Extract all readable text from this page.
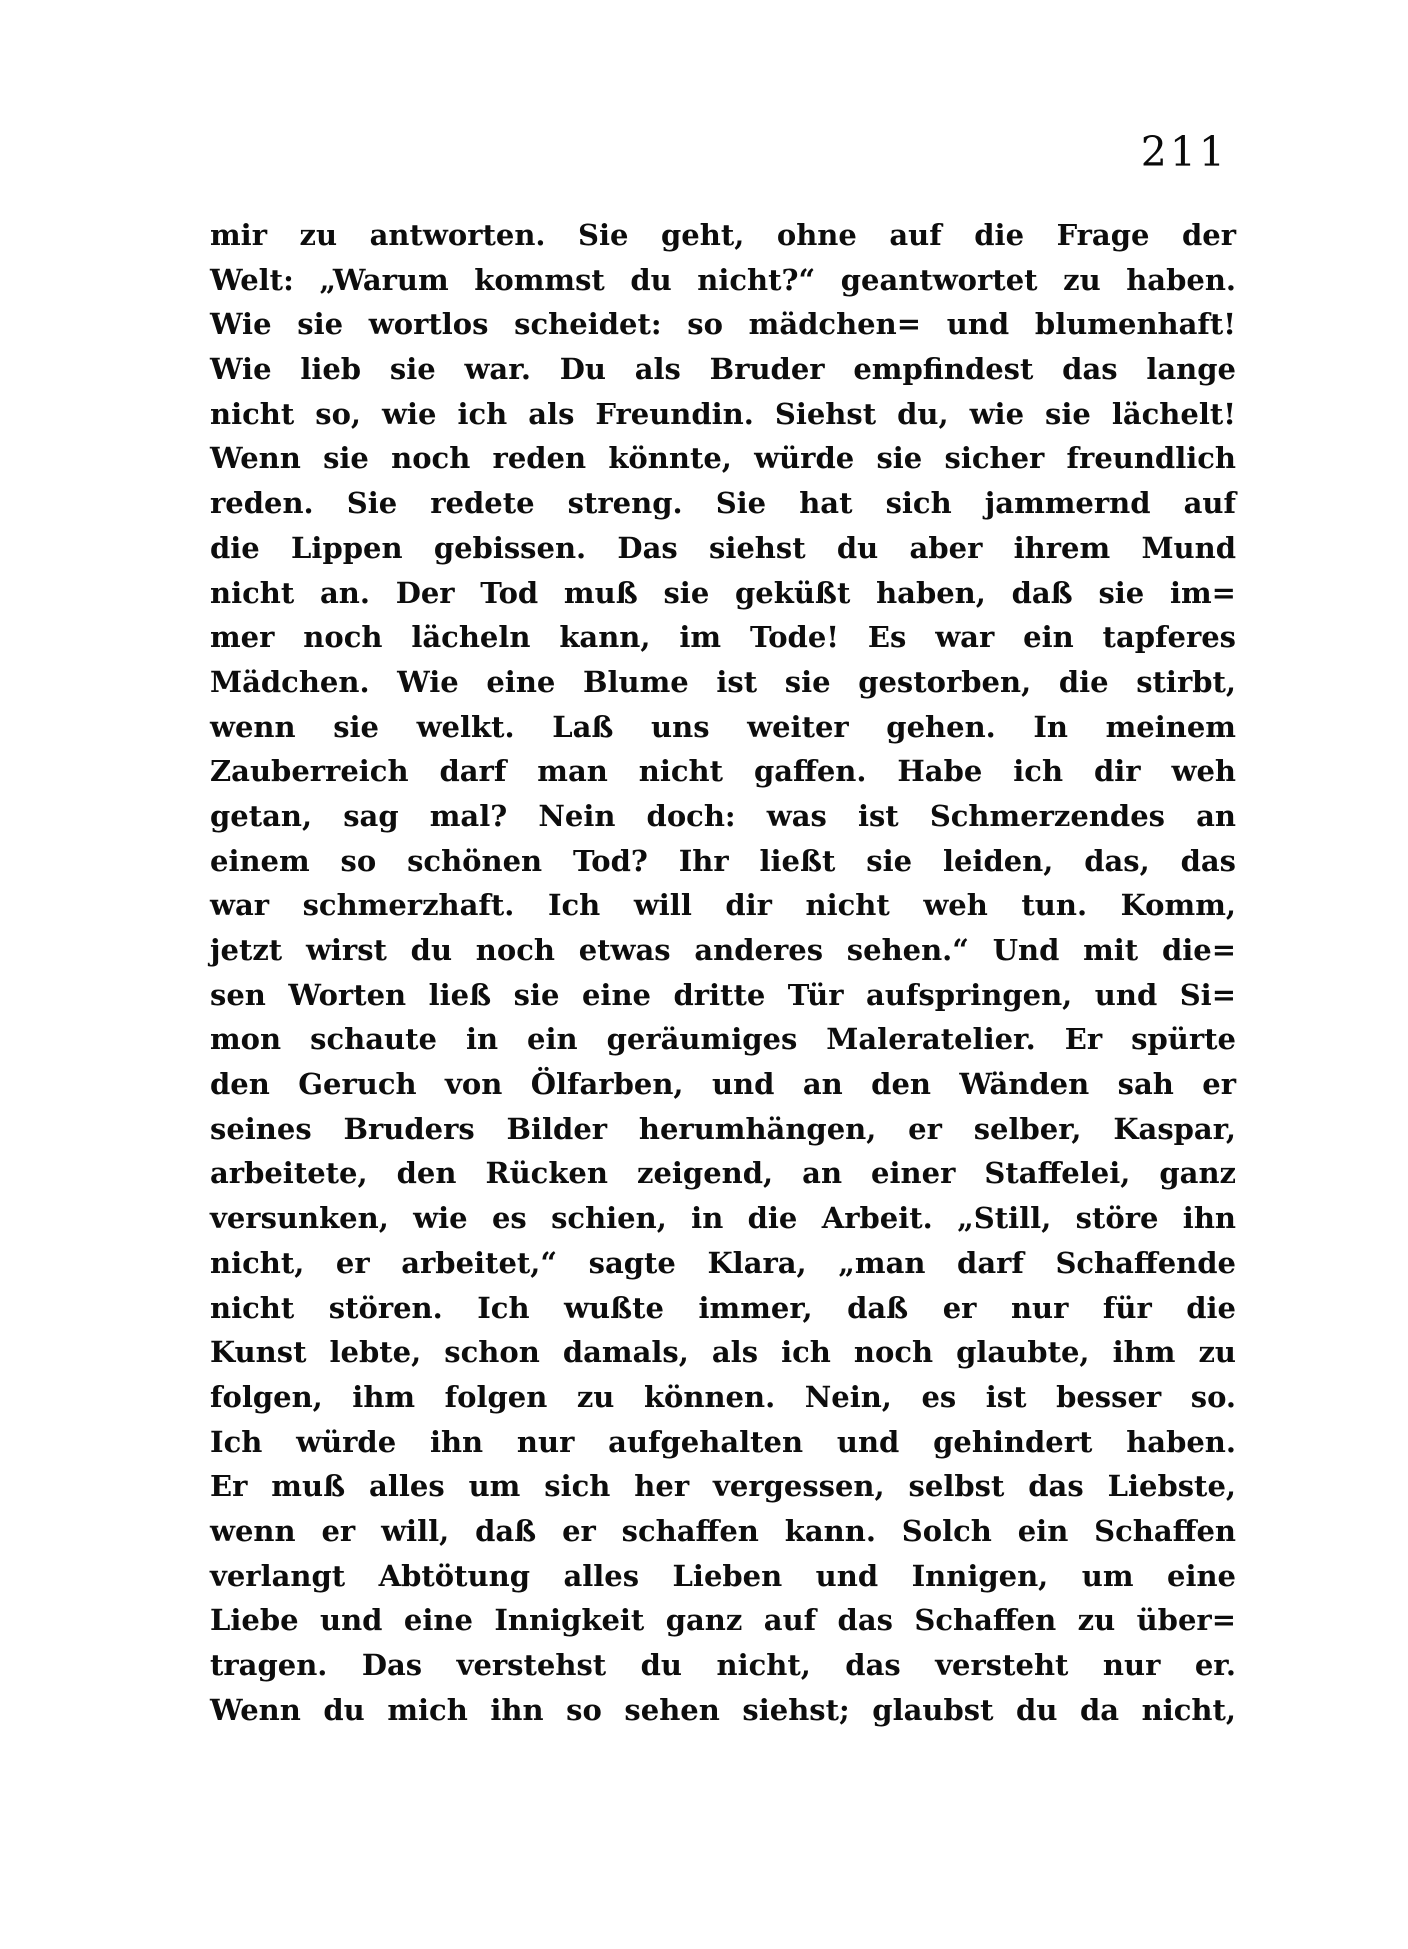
211
mir zu antworten. Sie geht, ohne auf die Frage der
Welt: „Warum kommst du nicht?“ geantwortet zu haben.
Wie sie wortlos scheidet: so mädchen= und blumenhaft!
Wie lieb sie war. Du als Bruder empfindest das lange
nicht so, wie ich als Freundin. Siehst du, wie sie lächelt!
Wenn sie noch reden könnte, würde sie sicher freundlich
reden. Sie redete streng. Sie hat sich jammernd auf
die Lippen gebissen. Das siehst du aber ihrem Mund
nicht an. Der Tod muß sie geküßt haben, daß sie im=
mer noch lächeln kann, im Tode! Es war ein tapferes
Mädchen. Wie eine Blume ist sie gestorben, die stirbt,
wenn sie welkt. Laß uns weiter gehen. In meinem
Zauberreich darf man nicht gaffen. Habe ich dir weh
getan, sag mal? Nein doch: was ist Schmerzendes an
einem so schönen Tod? Ihr ließt sie leiden, das, das
war schmerzhaft. Ich will dir nicht weh tun. Komm,
jetzt wirst du noch etwas anderes sehen.“ Und mit die=
sen Worten ließ sie eine dritte Tür aufspringen, und Si=
mon schaute in ein geräumiges Maleratelier. Er spürte
den Geruch von Ölfarben, und an den Wänden sah er
seines Bruders Bilder herumhängen, er selber, Kaspar,
arbeitete, den Rücken zeigend, an einer Staffelei, ganz
versunken, wie es schien, in die Arbeit. „Still, störe ihn
nicht, er arbeitet,“ sagte Klara, „man darf Schaffende
nicht stören. Ich wußte immer, daß er nur für die
Kunst lebte, schon damals, als ich noch glaubte, ihm zu
folgen, ihm folgen zu können. Nein, es ist besser so.
Ich würde ihn nur aufgehalten und gehindert haben.
Er muß alles um sich her vergessen, selbst das Liebste,
wenn er will, daß er schaffen kann. Solch ein Schaffen
verlangt Abtötung alles Lieben und Innigen, um eine
Liebe und eine Innigkeit ganz auf das Schaffen zu über=
tragen. Das verstehst du nicht, das versteht nur er.
Wenn du mich ihn so sehen siehst; glaubst du da nicht,
